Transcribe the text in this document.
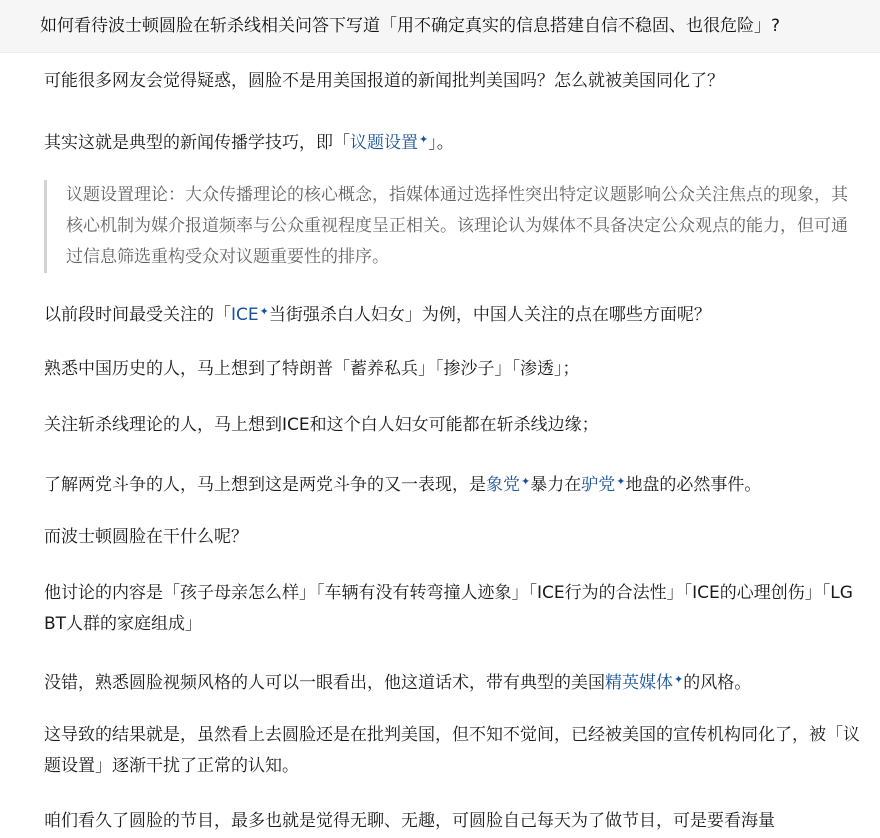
如何看待波士顿圆脸在斩杀线相关问答下写道「用不确定真实的信息搭建自信不稳固、也很危险」?
可能很多网友会觉得疑惑，圆脸不是用美国报道的新闻批判美国吗？怎么就被美国同化了？
其实这就是典型的新闻传播学技巧，即「议题设置✦」。
议题设置理论：大众传播理论的核心概念，指媒体通过选择性突出特定议题影响公众关注焦点的现象，其核心机制为媒介报道频率与公众重视程度呈正相关。该理论认为媒体不具备决定公众观点的能力，但可通过信息筛选重构受众对议题重要性的排序。
以前段时间最受关注的「ICE✦当街强杀白人妇女」为例，中国人关注的点在哪些方面呢？
熟悉中国历史的人，马上想到了特朗普「蓄养私兵」「掺沙子」「渗透」；
关注斩杀线理论的人，马上想到ICE和这个白人妇女可能都在斩杀线边缘；
了解两党斗争的人，马上想到这是两党斗争的又一表现，是象党✦暴力在驴党✦地盘的必然事件。
而波士顿圆脸在干什么呢？
他讨论的内容是「孩子母亲怎么样」「车辆有没有转弯撞人迹象」「ICE行为的合法性」「ICE的心理创伤」「LGBT人群的家庭组成」
没错，熟悉圆脸视频风格的人可以一眼看出，他这道话术，带有典型的美国精英媒体✦的风格。
这导致的结果就是，虽然看上去圆脸还是在批判美国，但不知不觉间，已经被美国的宣传机构同化了，被「议题设置」逐渐干扰了正常的认知。
咱们看久了圆脸的节目，最多也就是觉得无聊、无趣，可圆脸自己每天为了做节目，可是要看海量
